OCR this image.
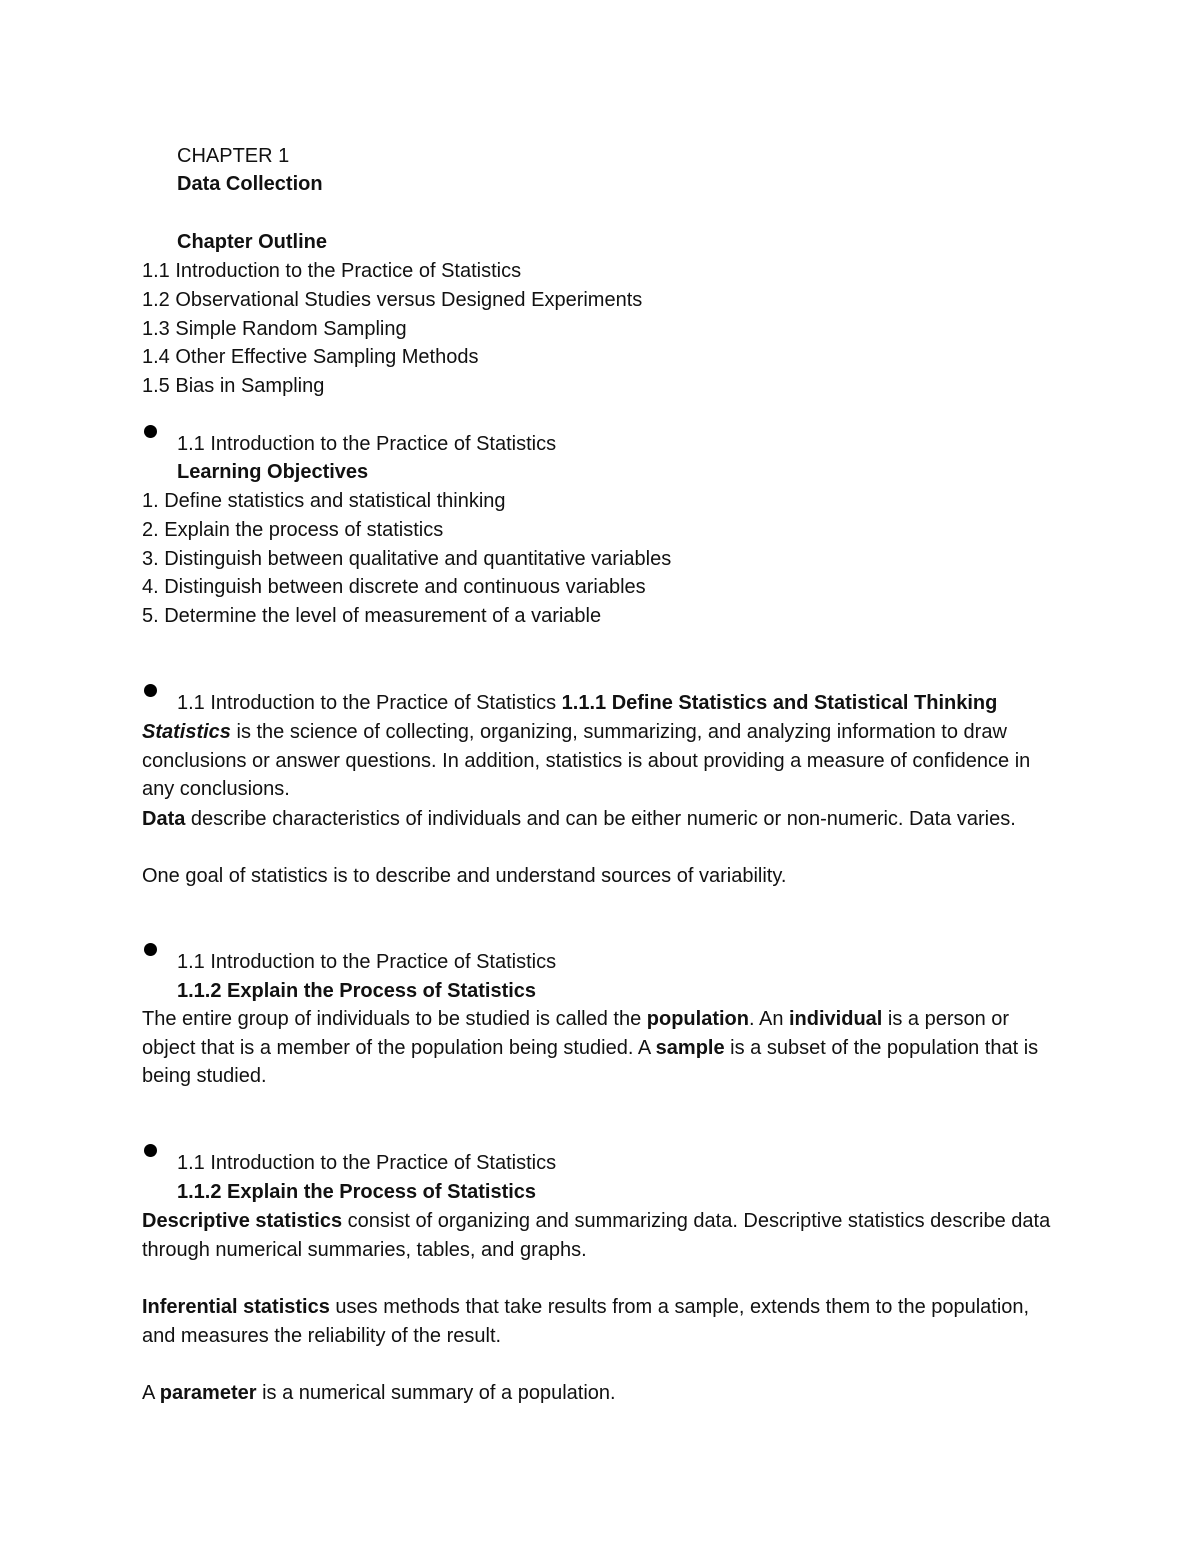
CHAPTER 1
Data Collection
Chapter Outline
1.1 Introduction to the Practice of Statistics
1.2 Observational Studies versus Designed Experiments
1.3 Simple Random Sampling
1.4 Other Effective Sampling Methods
1.5 Bias in Sampling
1.1 Introduction to the Practice of Statistics
Learning Objectives
1. Define statistics and statistical thinking
2. Explain the process of statistics
3. Distinguish between qualitative and quantitative variables
4. Distinguish between discrete and continuous variables
5. Determine the level of measurement of a variable
1.1 Introduction to the Practice of Statistics 1.1.1 Define Statistics and Statistical Thinking
Statistics is the science of collecting, organizing, summarizing, and analyzing information to draw conclusions or answer questions. In addition, statistics is about providing a measure of confidence in any conclusions.
Data describe characteristics of individuals and can be either numeric or non-numeric. Data varies.
One goal of statistics is to describe and understand sources of variability.
1.1 Introduction to the Practice of Statistics
1.1.2 Explain the Process of Statistics
The entire group of individuals to be studied is called the population. An individual is a person or object that is a member of the population being studied. A sample is a subset of the population that is being studied.
1.1 Introduction to the Practice of Statistics
1.1.2 Explain the Process of Statistics
Descriptive statistics consist of organizing and summarizing data. Descriptive statistics describe data through numerical summaries, tables, and graphs.
Inferential statistics uses methods that take results from a sample, extends them to the population, and measures the reliability of the result.
A parameter is a numerical summary of a population.
